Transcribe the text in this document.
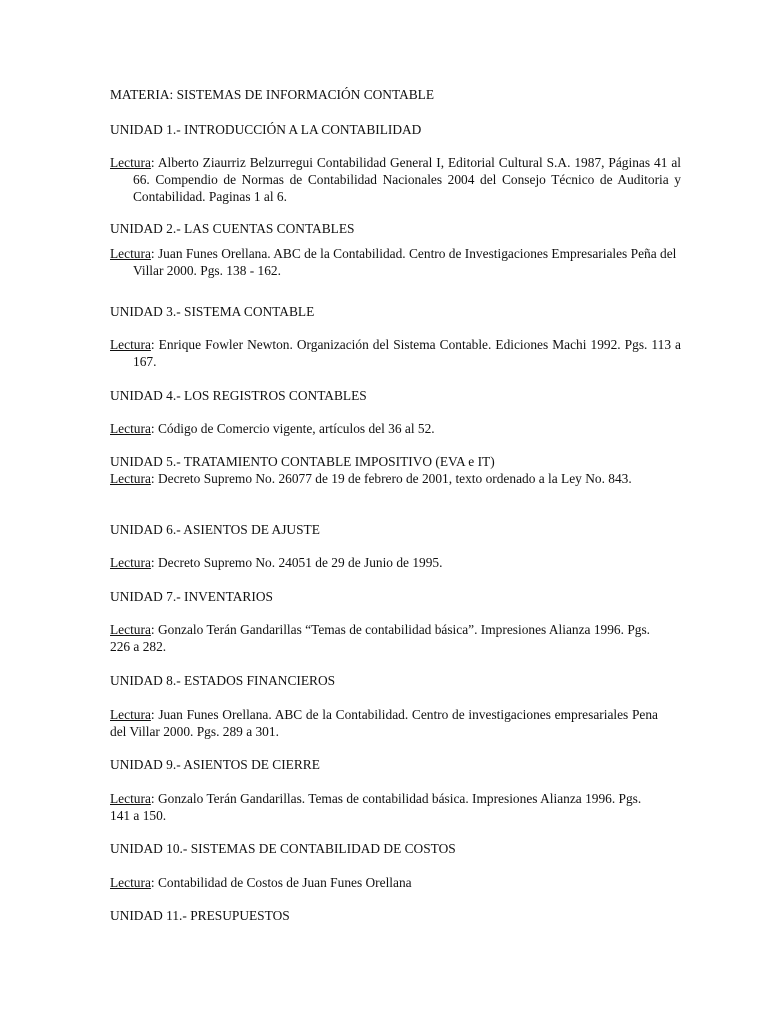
MATERIA: SISTEMAS DE INFORMACIÓN CONTABLE

UNIDAD 1.- INTRODUCCIÓN A LA CONTABILIDAD

Lectura: Alberto Ziaurriz Belzurregui Contabilidad General I, Editorial Cultural S.A. 1987, Páginas 41 al 66. Compendio de Normas de Contabilidad Nacionales 2004 del Consejo Técnico de Auditoria y Contabilidad. Paginas 1 al 6.

UNIDAD 2.- LAS CUENTAS CONTABLES

Lectura: Juan Funes Orellana. ABC de la Contabilidad. Centro de Investigaciones Empresariales Peña del Villar 2000. Pgs. 138 - 162.

UNIDAD 3.- SISTEMA CONTABLE

Lectura: Enrique Fowler Newton. Organización del Sistema Contable. Ediciones Machi 1992. Pgs. 113 a 167.

UNIDAD 4.- LOS REGISTROS CONTABLES

Lectura: Código de Comercio vigente, artículos del 36 al 52.

UNIDAD 5.- TRATAMIENTO CONTABLE IMPOSITIVO (EVA e IT)

Lectura: Decreto Supremo No. 26077 de 19 de febrero de 2001, texto ordenado a la Ley No. 843.

UNIDAD 6.- ASIENTOS DE AJUSTE

Lectura: Decreto Supremo No. 24051 de 29 de Junio de 1995.

UNIDAD 7.- INVENTARIOS

Lectura: Gonzalo Terán Gandarillas “Temas de contabilidad básica”. Impresiones Alianza 1996. Pgs. 226 a 282.

UNIDAD 8.- ESTADOS FINANCIEROS

Lectura: Juan Funes Orellana. ABC de la Contabilidad. Centro de investigaciones empresariales Pena del Villar 2000. Pgs. 289 a 301.

UNIDAD 9.- ASIENTOS DE CIERRE

Lectura: Gonzalo Terán Gandarillas. Temas de contabilidad básica. Impresiones Alianza 1996. Pgs. 141 a 150.

UNIDAD 10.- SISTEMAS DE CONTABILIDAD DE COSTOS

Lectura: Contabilidad de Costos de Juan Funes Orellana

UNIDAD 11.- PRESUPUESTOS
